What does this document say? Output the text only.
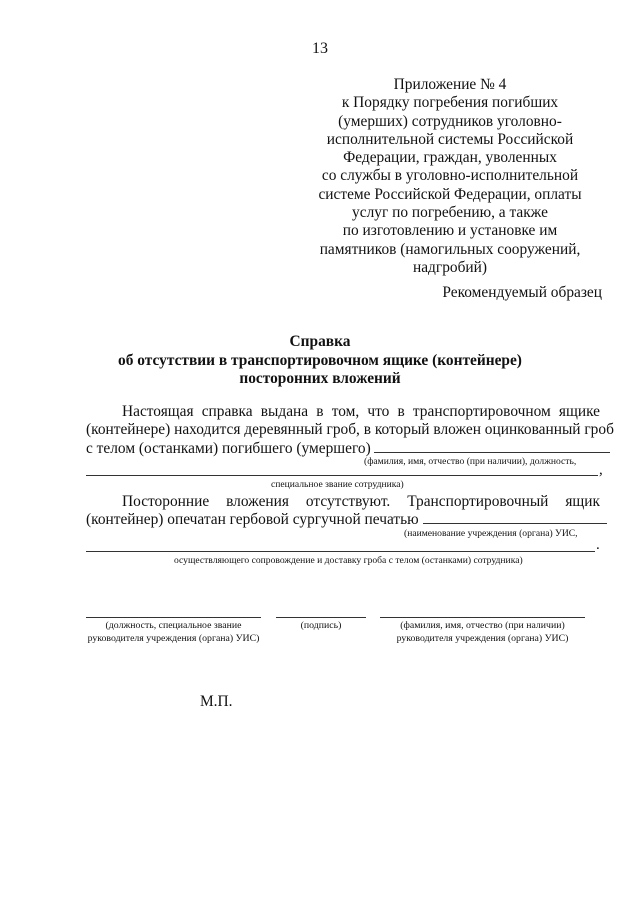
13
Приложение № 4
к Порядку погребения погибших
(умерших) сотрудников уголовно-
исполнительной системы Российской
Федерации, граждан, уволенных
со службы в уголовно-исполнительной
системе Российской Федерации, оплаты
услуг по погребению, а также
по изготовлению и установке им
памятников (намогильных сооружений,
надгробий)
Рекомендуемый образец
Справка
об отсутствии в транспортировочном ящике (контейнере)
посторонних вложений
Настоящая справка выдана в том, что в транспортировочном ящике
(контейнере) находится деревянный гроб, в который вложен оцинкованный гроб
с телом (останками) погибшего (умершего)
(фамилия, имя, отчество (при наличии), должность,
,
специальное звание сотрудника)
Посторонние вложения отсутствуют. Транспортировочный ящик
(контейнер) опечатан гербовой сургучной печатью
(наименование учреждения (органа) УИС,
.
осуществляющего сопровождение и доставку гроба с телом (останками) сотрудника)
(должность, специальное звание руководителя учреждения (органа) УИС)
(подпись)	(фамилия, имя, отчество (при наличии) руководителя учреждения (органа) УИС)
М.П.
